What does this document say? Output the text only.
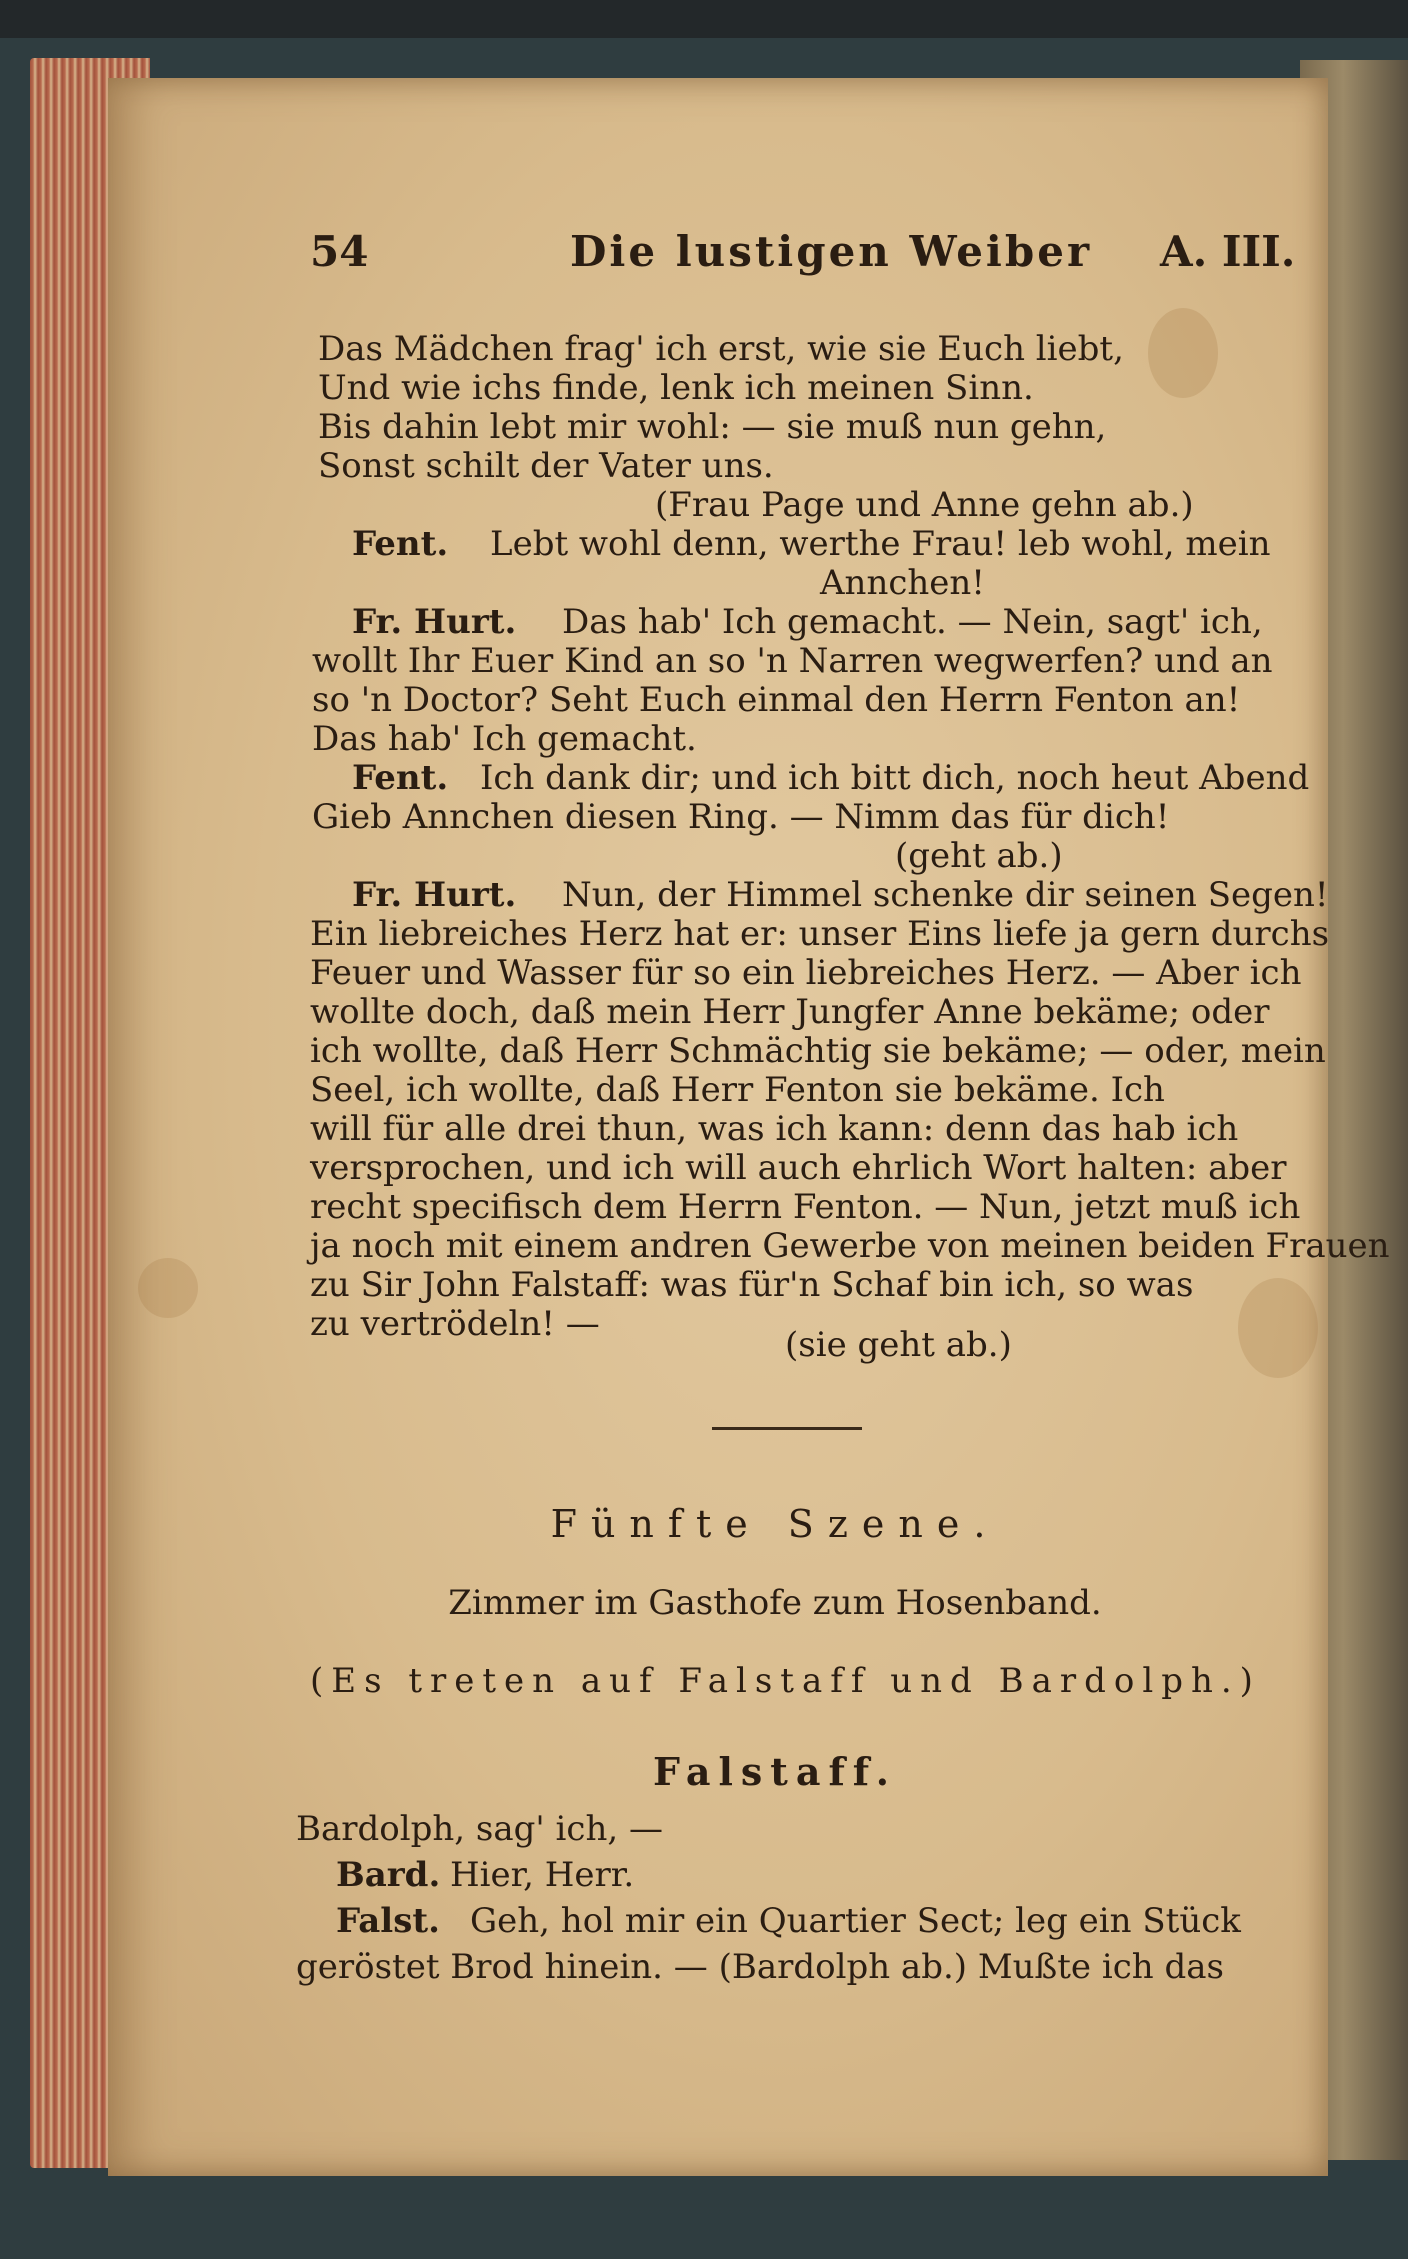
54	Die lustigen Weiber A. III.
Das Mädchen frag' ich erst, wie sie Euch liebt,
Und wie ichs finde, lenk ich meinen Sinn.
Bis dahin lebt mir wohl: — sie muß nun gehn,
Sonst schilt der Vater uns.
(Frau Page und Anne gehn ab.)
Fent. Lebt wohl denn, werthe Frau! leb wohl, mein
Annchen!
Fr. Hurt. Das hab' Ich gemacht. — Nein, sagt' ich,
wollt Ihr Euer Kind an so 'n Narren wegwerfen? und an
so 'n Doctor? Seht Euch einmal den Herrn Fenton an!
Das hab' Ich gemacht.
Fent. Ich dank dir; und ich bitt dich, noch heut Abend
Gieb Annchen diesen Ring. — Nimm das für dich!
(geht ab.)
Fr. Hurt. Nun, der Himmel schenke dir seinen Segen!
Ein liebreiches Herz hat er: unser Eins liefe ja gern durchs
Feuer und Wasser für so ein liebreiches Herz. — Aber ich
wollte doch, daß mein Herr Jungfer Anne bekäme; oder
ich wollte, daß Herr Schmächtig sie bekäme; — oder, mein
Seel, ich wollte, daß Herr Fenton sie bekäme. Ich
will für alle drei thun, was ich kann: denn das hab ich
versprochen, und ich will auch ehrlich Wort halten: aber
recht specifisch dem Herrn Fenton. — Nun, jetzt muß ich
ja noch mit einem andren Gewerbe von meinen beiden Frauen
zu Sir John Falstaff: was für'n Schaf bin ich, so was
zu vertrödeln! —
(sie geht ab.)
Fünfte Szene.
Zimmer im Gasthofe zum Hosenband.
(Es treten auf Falstaff und Bardolph.)
Falstaff.
Bardolph, sag' ich, —
Bard. Hier, Herr.
Falst. Geh, hol mir ein Quartier Sect; leg ein Stück
geröstet Brod hinein. — (Bardolph ab.) Mußte ich das
